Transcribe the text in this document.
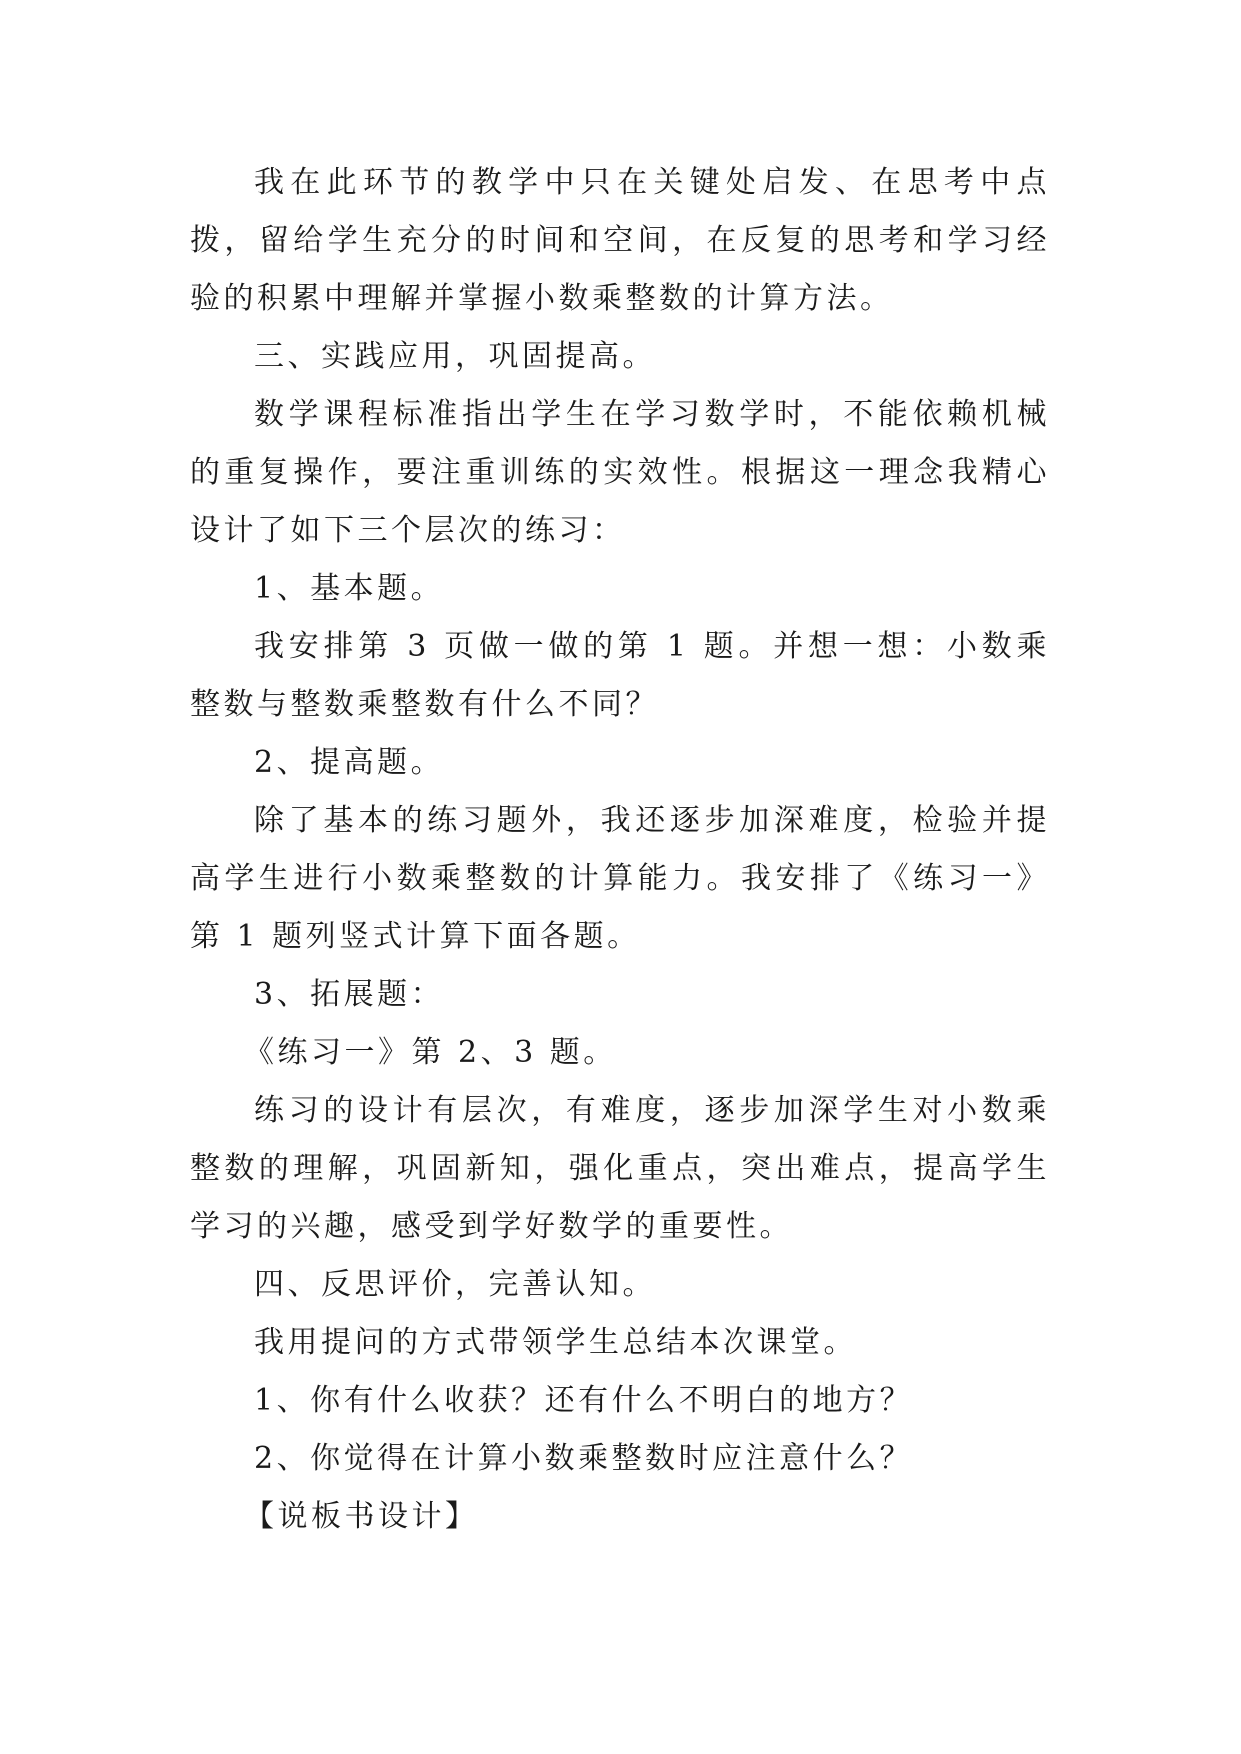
我在此环节的教学中只在关键处启发、在思考中点拨，留给学生充分的时间和空间，在反复的思考和学习经验的积累中理解并掌握小数乘整数的计算方法。

三、实践应用，巩固提高。

数学课程标准指出学生在学习数学时，不能依赖机械的重复操作，要注重训练的实效性。根据这一理念我精心设计了如下三个层次的练习：

1、基本题。

我安排第 3 页做一做的第 1 题。并想一想：小数乘整数与整数乘整数有什么不同？

2、提高题。

除了基本的练习题外，我还逐步加深难度，检验并提高学生进行小数乘整数的计算能力。我安排了《练习一》第 1 题列竖式计算下面各题。

3、拓展题：

《练习一》第 2、3 题。

练习的设计有层次，有难度，逐步加深学生对小数乘整数的理解，巩固新知，强化重点，突出难点，提高学生学习的兴趣，感受到学好数学的重要性。

四、反思评价，完善认知。

我用提问的方式带领学生总结本次课堂。

1、你有什么收获？还有什么不明白的地方？

2、你觉得在计算小数乘整数时应注意什么？

【说板书设计】
